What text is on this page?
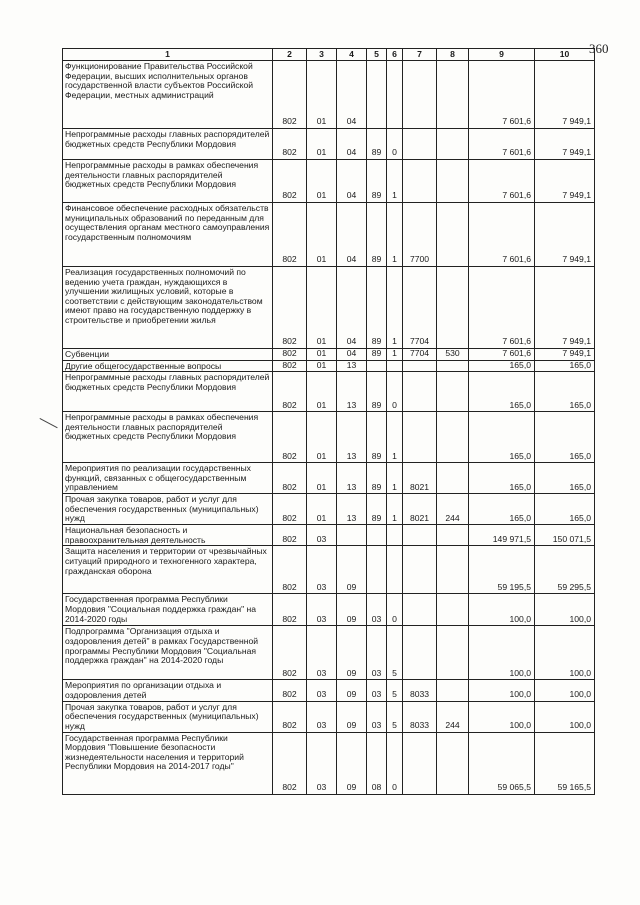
360
1	2	3	4	5	6	7	8	9	10
Функционирование Правительства Российской Федерации, высших исполнительных органов государственной власти субъектов Российской Федерации, местных администраций	802	01	04					7 601,6	7 949,1
Непрограммные расходы главных распорядителей бюджетных средств Республики Мордовия	802	01	04	89	0			7 601,6	7 949,1
Непрограммные расходы в рамках обеспечения деятельности главных распорядителей бюджетных средств Республики Мордовия	802	01	04	89	1			7 601,6	7 949,1
Финансовое обеспечение расходных обязательств муниципальных образований по переданным для осуществления органам местного самоуправления государственным полномочиям	802	01	04	89	1	7700		7 601,6	7 949,1
Реализация государственных полномочий по ведению учета граждан, нуждающихся в улучшении жилищных условий, которые в соответствии с действующим законодательством имеют право на государственную поддержку в строительстве и приобретении жилья	802	01	04	89	1	7704		7 601,6	7 949,1
Субвенции	802	01	04	89	1	7704	530	7 601,6	7 949,1
Другие общегосударственные вопросы	802	01	13					165,0	165,0
Непрограммные расходы главных распорядителей бюджетных средств Республики Мордовия	802	01	13	89	0			165,0	165,0
Непрограммные расходы в рамках обеспечения деятельности главных распорядителей бюджетных средств Республики Мордовия	802	01	13	89	1			165,0	165,0
Мероприятия по реализации государственных функций, связанных с общегосударственным управлением	802	01	13	89	1	8021		165,0	165,0
Прочая закупка товаров, работ и услуг для обеспечения государственных (муниципальных) нужд	802	01	13	89	1	8021	244	165,0	165,0
Национальная безопасность и правоохранительная деятельность	802	03						149 971,5	150 071,5
Защита населения и территории от чрезвычайных ситуаций природного и техногенного характера, гражданская оборона	802	03	09					59 195,5	59 295,5
Государственная программа Республики Мордовия "Социальная поддержка граждан" на 2014-2020 годы	802	03	09	03	0			100,0	100,0
Подпрограмма "Организация отдыха и оздоровления детей" в рамках Государственной программы Республики Мордовия "Социальная поддержка граждан" на 2014-2020 годы	802	03	09	03	5			100,0	100,0
Мероприятия по организации отдыха и оздоровления детей	802	03	09	03	5	8033		100,0	100,0
Прочая закупка товаров, работ и услуг для обеспечения государственных (муниципальных) нужд	802	03	09	03	5	8033	244	100,0	100,0
Государственная программа Республики Мордовия "Повышение безопасности жизнедеятельности населения и территорий Республики Мордовия на 2014-2017 годы"	802	03	09	08	0			59 065,5	59 165,5
